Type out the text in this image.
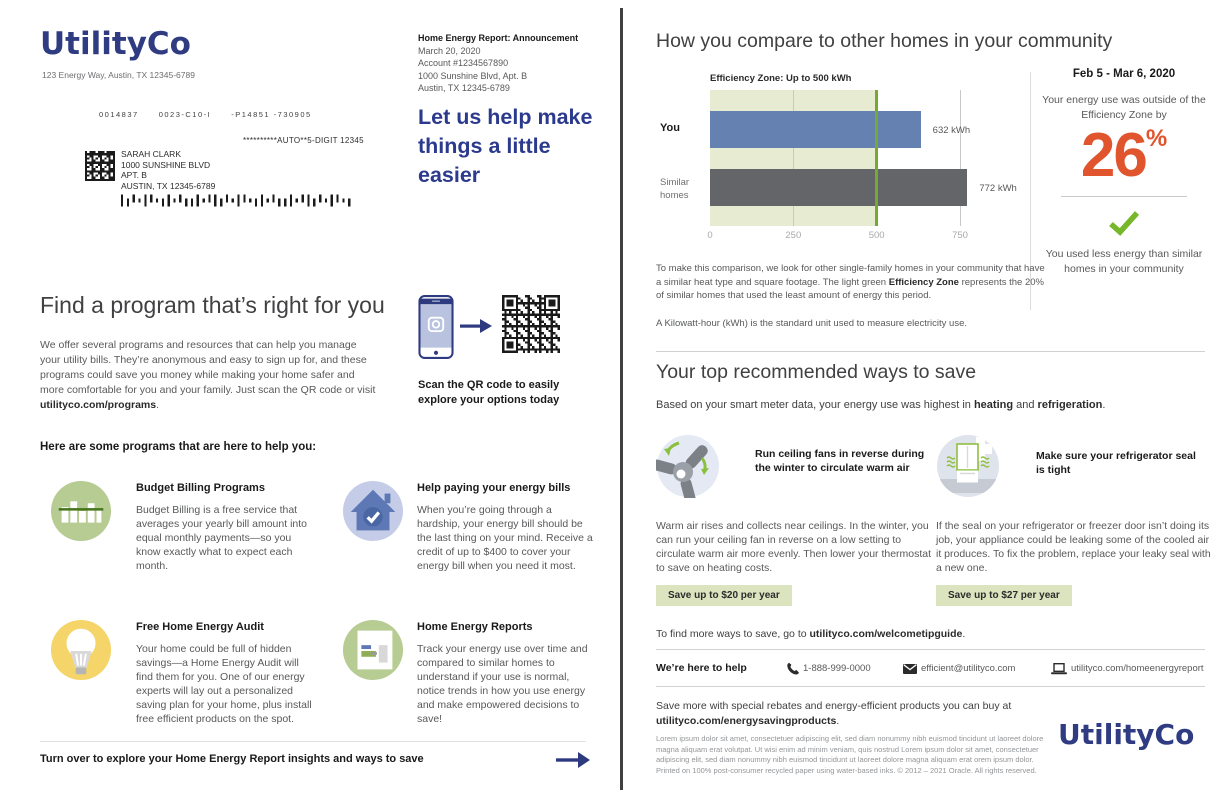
UtilityCo
123 Energy Way, Austin, TX 12345-6789
0014837	0023-C10-I	-P14851 -730905
**********AUTO**5-DIGIT 12345
SARAH CLARK
1000 SUNSHINE BLVD
APT. B
AUSTIN, TX 12345-6789
Home Energy Report: Announcement
March 20, 2020
Account #1234567890
1000 Sunshine Blvd, Apt. B
Austin, TX 12345-6789
Let us help make things a little easier
Find a program that’s right for you
We offer several programs and resources that can help you manage your utility bills. They’re anonymous and easy to sign up for, and these programs could save you money while making your home safer and more comfortable for you and your family. Just scan the QR code or visit utilityco.com/programs.
Scan the QR code to easily explore your options today
Here are some programs that are here to help you:
Budget Billing Programs
Budget Billing is a free service that averages your yearly bill amount into equal monthly payments—so you know exactly what to expect each month.
Help paying your energy bills
When you’re going through a hardship, your energy bill should be the last thing on your mind. Receive a credit of up to $400 to cover your energy bill when you need it most.
Free Home Energy Audit
Your home could be full of hidden savings—a Home Energy Audit will find them for you. One of our energy experts will lay out a personalized saving plan for your home, plus install free efficient products on the spot.
Home Energy Reports
Track your energy use over time and compared to similar homes to understand if your use is normal, notice trends in how you use energy and make empowered decisions to save!
Turn over to explore your Home Energy Report insights and ways to save
How you compare to other homes in your community
Efficiency Zone: Up to 500 kWh
632 kWh
772 kWh
You
Similar homes
0	250	500	750
Feb 5 - Mar 6, 2020
Your energy use was outside of the Efficiency Zone by
26%
You used less energy than similar homes in your community
To make this comparison, we look for other single-family homes in your community that have a similar heat type and square footage. The light green Efficiency Zone represents the 20% of similar homes that used the least amount of energy this period.
A Kilowatt-hour (kWh) is the standard unit used to measure electricity use.
Your top recommended ways to save
Based on your smart meter data, your energy use was highest in heating and refrigeration.
Run ceiling fans in reverse during the winter to circulate warm air
Make sure your refrigerator seal is tight
Warm air rises and collects near ceilings. In the winter, you can run your ceiling fan in reverse on a low setting to circulate warm air more evenly. Then lower your thermostat to save on heating costs.
If the seal on your refrigerator or freezer door isn’t doing its job, your appliance could be leaking some of the cooled air it produces. To fix the problem, replace your leaky seal with a new one.
Save up to $20 per year	Save up to $27 per year
To find more ways to save, go to utilityco.com/welcometipguide.
We’re here to help	1-888-999-0000	efficient@utilityco.com	utilityco.com/homeenergyreport
Save more with special rebates and energy-efficient products you can buy at
utilityco.com/energysavingproducts.
Lorem ipsum dolor sit amet, consectetuer adipiscing elit, sed diam nonummy nibh euismod tincidunt ut laoreet dolore magna aliquam erat volutpat. Ut wisi enim ad minim veniam, quis nostrud Lorem ipsum dolor sit amet, consectetuer adipiscing elit, sed diam nonummy nibh euismod tincidunt ut laoreet dolore magna aliquam erat orem ipsum dolor. Printed on 100% post-consumer recycled paper using water-based inks. © 2012 – 2021 Oracle. All rights reserved.
UtilityCo
